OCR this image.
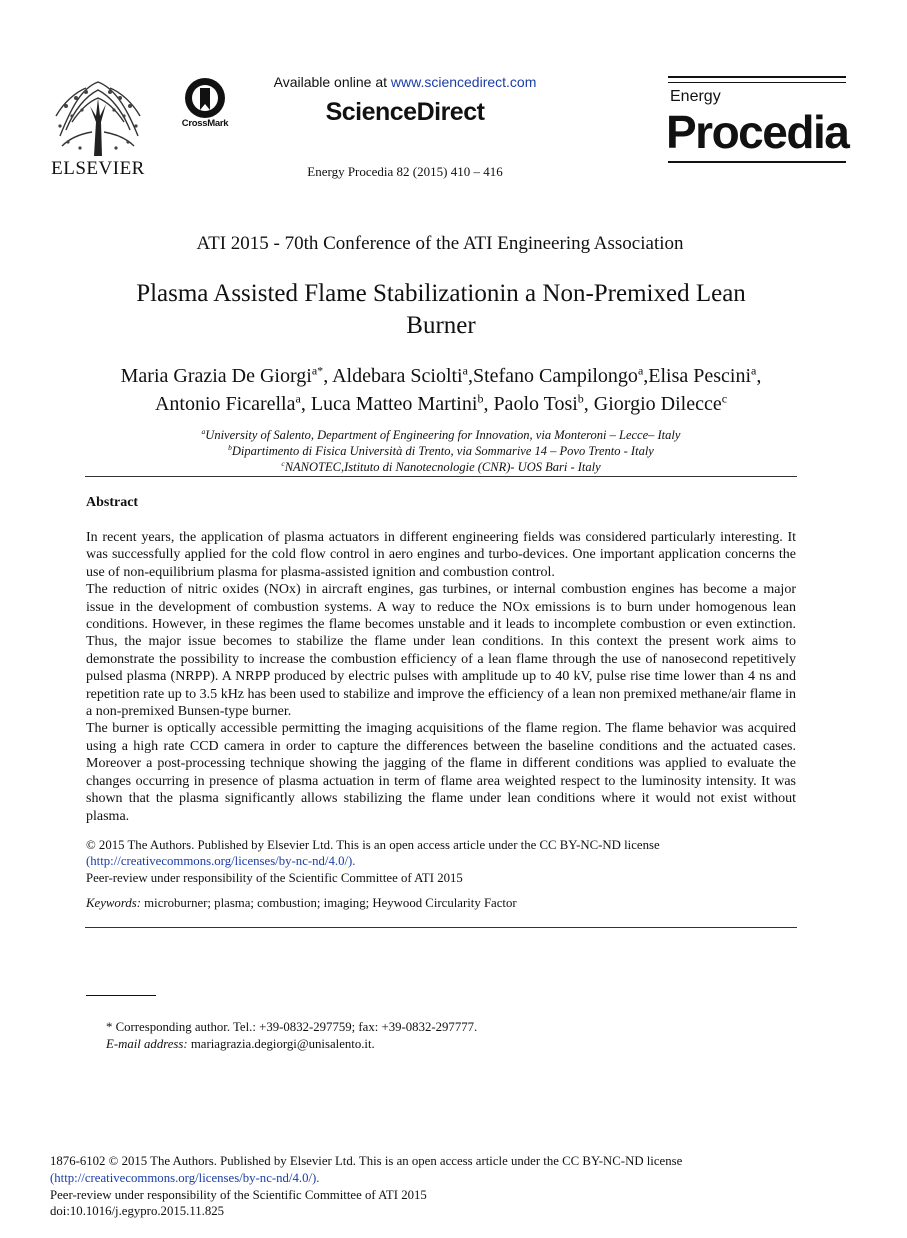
ELSEVIER
CrossMark
Available online at www.sciencedirect.com
ScienceDirect
Energy Procedia 82 (2015) 410 – 416
Energy
Procedia
ATI 2015 - 70th Conference of the ATI Engineering Association
Plasma Assisted Flame Stabilizationin a Non-Premixed Lean
Burner
Maria Grazia De Giorgi$^{a*}$, Aldebara Sciolti$^a$,Stefano Campilongo$^a$,Elisa Pescini$^a$,
Antonio Ficarella$^a$, Luca Matteo Martini$^b$, Paolo Tosi$^b$, Giorgio Dilecce$^c$
$^a$University of Salento, Department of Engineering for Innovation, via Monteroni – Lecce– Italy
$^b$Dipartimento di Fisica Università di Trento, via Sommarive 14 – Povo Trento - Italy
$^c$NANOTEC,Istituto di Nanotecnologie (CNR)- UOS Bari - Italy
Abstract

In recent years, the application of plasma actuators in different engineering fields was considered particularly interesting. It was successfully applied for the cold flow control in aero engines and turbo-devices. One important application concerns the use of non-equilibrium plasma for plasma-assisted ignition and combustion control.

The reduction of nitric oxides (NOx) in aircraft engines, gas turbines, or internal combustion engines has become a major issue in the development of combustion systems. A way to reduce the NOx emissions is to burn under homogenous lean conditions. However, in these regimes the flame becomes unstable and it leads to incomplete combustion or even extinction. Thus, the major issue becomes to stabilize the flame under lean conditions. In this context the present work aims to demonstrate the possibility to increase the combustion efficiency of a lean flame through the use of nanosecond repetitively pulsed plasma (NRPP). A NRPP produced by electric pulses with amplitude up to 40 kV, pulse rise time lower than 4 ns and repetition rate up to 3.5 kHz has been used to stabilize and improve the efficiency of a lean non premixed methane/air flame in a non-premixed Bunsen-type burner.

The burner is optically accessible permitting the imaging acquisitions of the flame region. The flame behavior was acquired using a high rate CCD camera in order to capture the differences between the baseline conditions and the actuated cases. Moreover a post-processing technique showing the jagging of the flame in different conditions was applied to evaluate the changes occurring in presence of plasma actuation in term of flame area weighted respect to the luminosity intensity. It was shown that the plasma significantly allows stabilizing the flame under lean conditions where it would not exist without plasma.

© 2015 The Authors. Published by Elsevier Ltd. This is an open access article under the CC BY-NC-ND license
(http://creativecommons.org/licenses/by-nc-nd/4.0/).
Peer-review under responsibility of the Scientific Committee of ATI 2015
Keywords: microburner; plasma; combustion; imaging; Heywood Circularity Factor
* Corresponding author. Tel.: +39-0832-297759; fax: +39-0832-297777.
E-mail address: mariagrazia.degiorgi@unisalento.it.
1876-6102 © 2015 The Authors. Published by Elsevier Ltd. This is an open access article under the CC BY-NC-ND license
(http://creativecommons.org/licenses/by-nc-nd/4.0/).
Peer-review under responsibility of the Scientific Committee of ATI 2015
doi:10.1016/j.egypro.2015.11.825
